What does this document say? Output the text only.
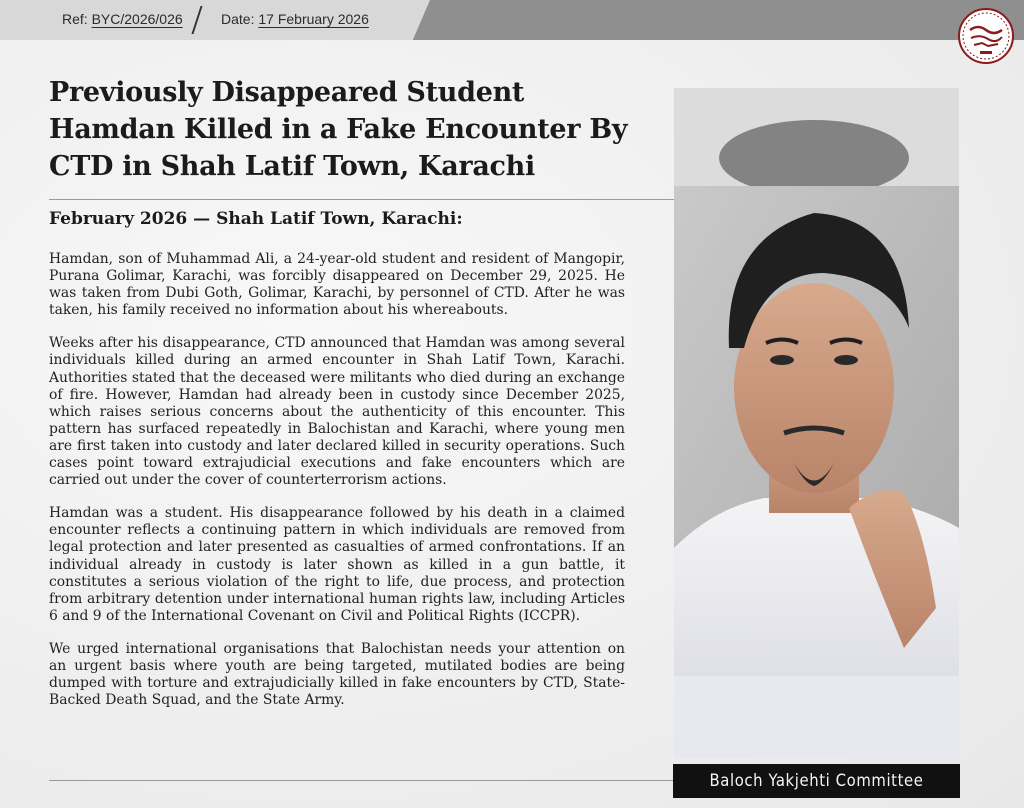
Ref: BYC/2026/026	Date: 17 February 2026
Previously Disappeared Student Hamdan Killed in a Fake Encounter By CTD in Shah Latif Town, Karachi
February 2026 — Shah Latif Town, Karachi:

Hamdan, son of Muhammad Ali, a 24-year-old student and resident of Mangopir, Purana Golimar, Karachi, was forcibly disappeared on December 29, 2025. He was taken from Dubi Goth, Golimar, Karachi, by personnel of CTD. After he was taken, his family received no information about his whereabouts.

Weeks after his disappearance, CTD announced that Hamdan was among several individuals killed during an armed encounter in Shah Latif Town, Karachi. Authorities stated that the deceased were militants who died during an exchange of fire. However, Hamdan had already been in custody since December 2025, which raises serious concerns about the authenticity of this encounter. This pattern has surfaced repeatedly in Balochistan and Karachi, where young men are first taken into custody and later declared killed in security operations. Such cases point toward extrajudicial executions and fake encounters which are carried out under the cover of counterterrorism actions.

Hamdan was a student. His disappearance followed by his death in a claimed encounter reflects a continuing pattern in which individuals are removed from legal protection and later presented as casualties of armed confrontations. If an individual already in custody is later shown as killed in a gun battle, it constitutes a serious violation of the right to life, due process, and protection from arbitrary detention under international human rights law, including Articles 6 and 9 of the International Covenant on Civil and Political Rights (ICCPR).

We urged international organisations that Balochistan needs your attention on an urgent basis where youth are being targeted, mutilated bodies are being dumped with torture and extrajudicially killed in fake encounters by CTD, State-Backed Death Squad, and the State Army.

Baloch Yakjehti Committee
